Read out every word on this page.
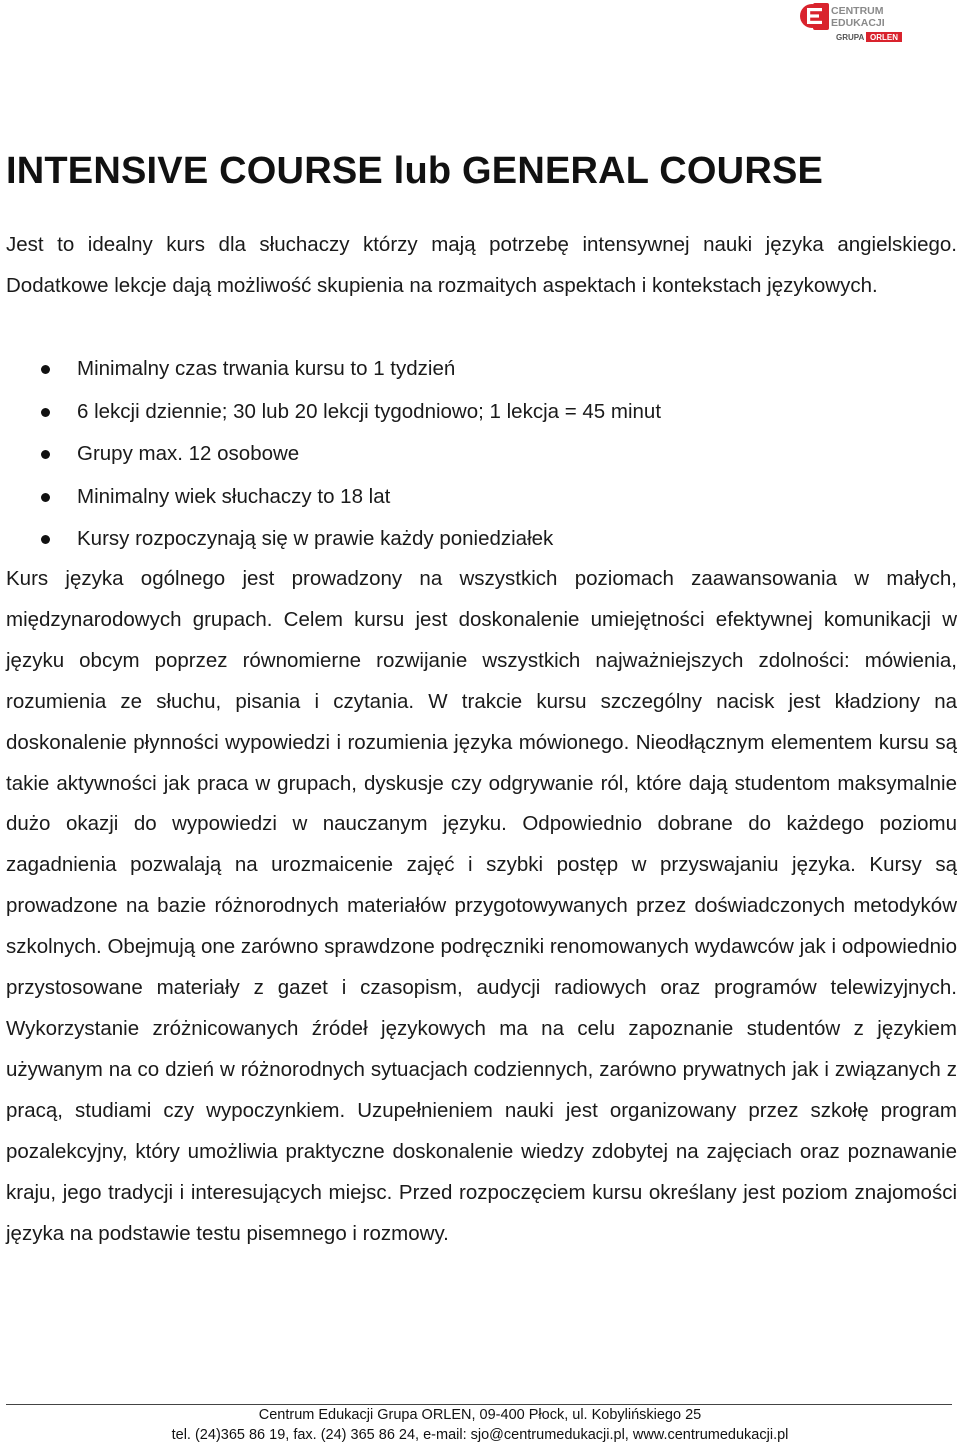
CENTRUM
EDUKACJI
GRUPA ORLEN
INTENSIVE COURSE lub GENERAL COURSE

Jest to idealny kurs dla słuchaczy którzy mają potrzebę intensywnej nauki języka angielskiego. Dodatkowe lekcje dają możliwość skupienia na rozmaitych aspektach i kontekstach językowych.

Minimalny czas trwania kursu to 1 tydzień
6 lekcji dziennie; 30 lub 20 lekcji tygodniowo; 1 lekcja = 45 minut
Grupy max. 12 osobowe
Minimalny wiek słuchaczy to 18 lat
Kursy rozpoczynają się w prawie każdy poniedziałek

Kurs języka ogólnego jest prowadzony na wszystkich poziomach zaawansowania w małych, międzynarodowych grupach. Celem kursu jest doskonalenie umiejętności efektywnej komunikacji w języku obcym poprzez równomierne rozwijanie wszystkich najważniejszych zdolności: mówienia, rozumienia ze słuchu, pisania i czytania. W trakcie kursu szczególny nacisk jest kładziony na doskonalenie płynności wypowiedzi i rozumienia języka mówionego. Nieodłącznym elementem kursu są takie aktywności jak praca w grupach, dyskusje czy odgrywanie ról, które dają studentom maksymalnie dużo okazji do wypowiedzi w nauczanym języku. Odpowiednio dobrane do każdego poziomu zagadnienia pozwalają na urozmaicenie zajęć i szybki postęp w przyswajaniu języka. Kursy są prowadzone na bazie różnorodnych materiałów przygotowywanych przez doświadczonych metodyków szkolnych. Obejmują one zarówno sprawdzone podręczniki renomowanych wydawców jak i odpowiednio przystosowane materiały z gazet i czasopism, audycji radiowych oraz programów telewizyjnych. Wykorzystanie zróżnicowanych źródeł językowych ma na celu zapoznanie studentów z językiem używanym na co dzień w różnorodnych sytuacjach codziennych, zarówno prywatnych jak i związanych z pracą, studiami czy wypoczynkiem. Uzupełnieniem nauki jest organizowany przez szkołę program pozalekcyjny, który umożliwia praktyczne doskonalenie wiedzy zdobytej na zajęciach oraz poznawanie kraju, jego tradycji i interesujących miejsc. Przed rozpoczęciem kursu określany jest poziom znajomości języka na podstawie testu pisemnego i rozmowy.

Centrum Edukacji Grupa ORLEN, 09-400 Płock, ul. Kobylińskiego 25
tel. (24)365 86 19, fax. (24) 365 86 24, e-mail: sjo@centrumedukacji.pl, www.centrumedukacji.pl
